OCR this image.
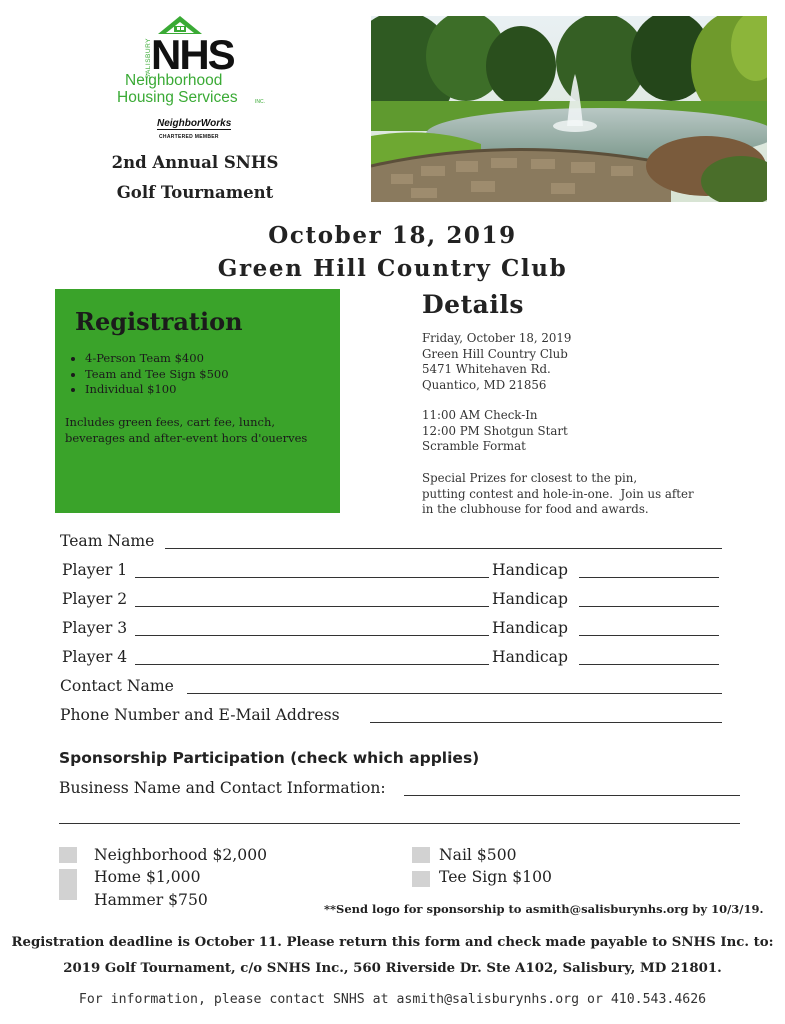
SALISBURY NHS
Neighborhood
Housing Services	INC.
NeighborWorks
CHARTERED MEMBER
2nd Annual SNHS
Golf Tournament
October 18, 2019
Green Hill Country Club
Registration
• 4-Person Team $400
• Team and Tee Sign $500
• Individual $100
Includes green fees, cart fee, lunch, beverages and after-event hors d'ouerves
Details
Friday, October 18, 2019
Green Hill Country Club
5471 Whitehaven Rd.
Quantico, MD 21856
11:00 AM Check-In
12:00 PM Shotgun Start
Scramble Format
Special Prizes for closest to the pin,
putting contest and hole-in-one.  Join us after
in the clubhouse for food and awards.
Team Name
Player 1	Handicap
Player 2	Handicap
Player 3	Handicap
Player 4	Handicap
Contact Name
Phone Number and E-Mail Address
Sponsorship Participation (check which applies)
Business Name and Contact Information:
Neighborhood $2,000
Home $1,000
Hammer $750
Nail $500
Tee Sign $100
**Send logo for sponsorship to asmith@salisburynhs.org by 10/3/19.
Registration deadline is October 11. Please return this form and check made payable to SNHS Inc. to:
2019 Golf Tournament, c/o SNHS Inc., 560 Riverside Dr. Ste A102, Salisbury, MD 21801.
For information, please contact SNHS at asmith@salisburynhs.org or 410.543.4626
